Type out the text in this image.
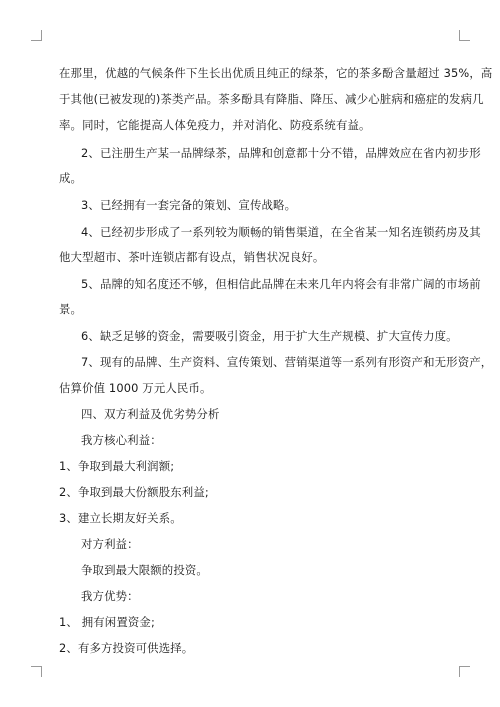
在那里，优越的气候条件下生长出优质且纯正的绿茶，它的茶多酚含量超过 35%，高
于其他(已被发现的)茶类产品。茶多酚具有降脂、降压、减少心脏病和癌症的发病几
率。同时，它能提高人体免疫力，并对消化、防疫系统有益。
2、已注册生产某一品牌绿茶，品牌和创意都十分不错，品牌效应在省内初步形
成。
3、已经拥有一套完备的策划、宣传战略。
4、已经初步形成了一系列较为顺畅的销售渠道，在全省某一知名连锁药房及其
他大型超市、茶叶连锁店都有设点，销售状况良好。
5、品牌的知名度还不够，但相信此品牌在未来几年内将会有非常广阔的市场前
景。
6、缺乏足够的资金，需要吸引资金，用于扩大生产规模、扩大宣传力度。
7、现有的品牌、生产资料、宣传策划、营销渠道等一系列有形资产和无形资产，
估算价值 1000 万元人民币。
四、双方利益及优劣势分析
我方核心利益：
1、争取到最大利润额;
2、争取到最大份额股东利益;
3、建立长期友好关系。
对方利益：
争取到最大限额的投资。
我方优势：
1、 拥有闲置资金;
2、有多方投资可供选择。
